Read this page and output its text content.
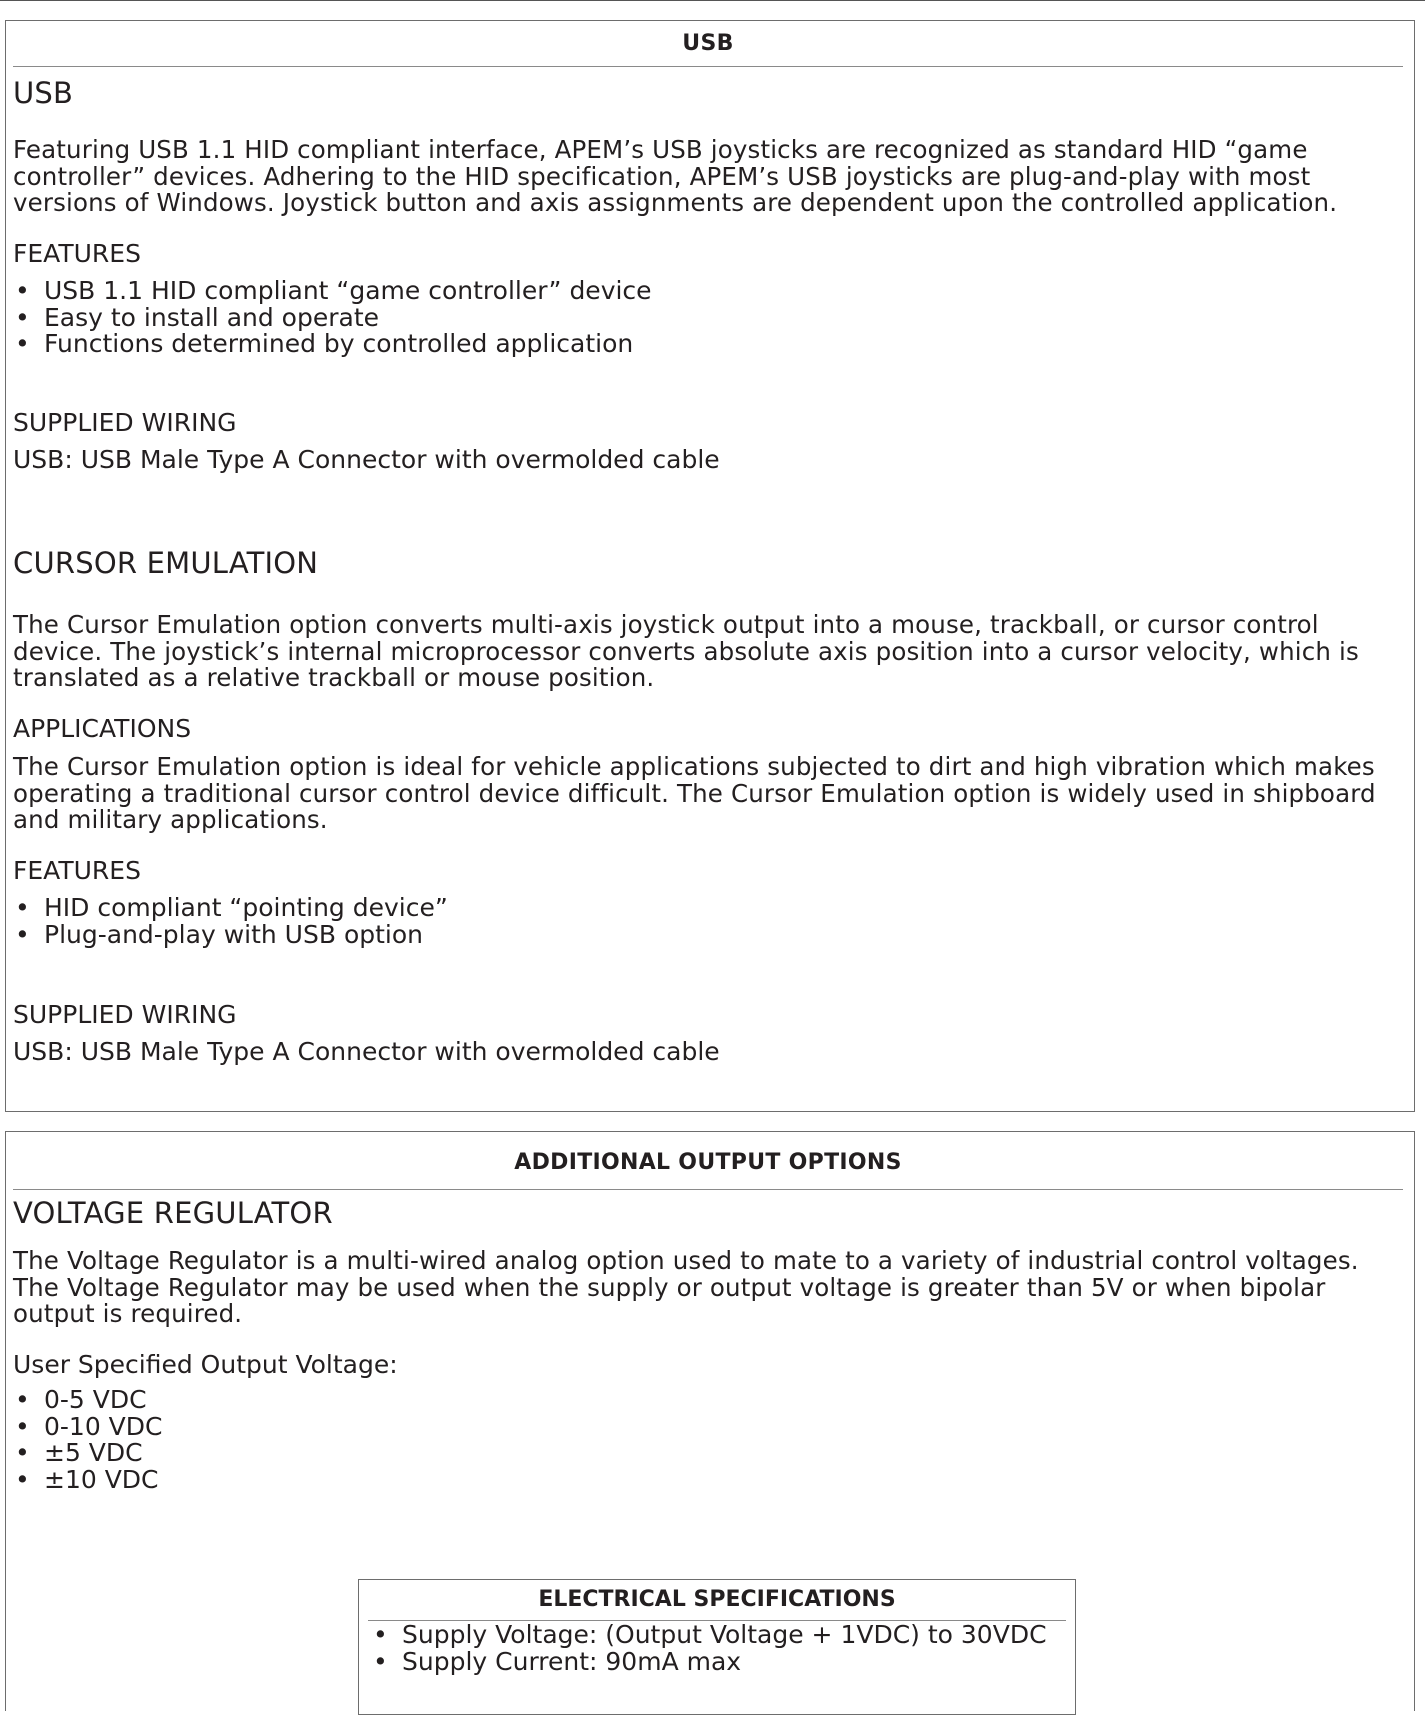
USB
USB
Featuring USB 1.1 HID compliant interface, APEM’s USB joysticks are recognized as standard HID “game controller” devices. Adhering to the HID specification, APEM’s USB joysticks are plug-and-play with most versions of Windows. Joystick button and axis assignments are dependent upon the controlled application.
FEATURES
• USB 1.1 HID compliant “game controller” device
• Easy to install and operate
• Functions determined by controlled application
SUPPLIED WIRING
USB: USB Male Type A Connector with overmolded cable
CURSOR EMULATION
The Cursor Emulation option converts multi-axis joystick output into a mouse, trackball, or cursor control device. The joystick’s internal microprocessor converts absolute axis position into a cursor velocity, which is translated as a relative trackball or mouse position.
APPLICATIONS
The Cursor Emulation option is ideal for vehicle applications subjected to dirt and high vibration which makes operating a traditional cursor control device difficult. The Cursor Emulation option is widely used in shipboard and military applications.
FEATURES
• HID compliant “pointing device”
• Plug-and-play with USB option
SUPPLIED WIRING
USB: USB Male Type A Connector with overmolded cable
ADDITIONAL OUTPUT OPTIONS
VOLTAGE REGULATOR
The Voltage Regulator is a multi-wired analog option used to mate to a variety of industrial control voltages. The Voltage Regulator may be used when the supply or output voltage is greater than 5V or when bipolar output is required.
User Specified Output Voltage:
• 0-5 VDC
• 0-10 VDC
• ±5 VDC
• ±10 VDC
ELECTRICAL SPECIFICATIONS
• Supply Voltage: (Output Voltage + 1VDC) to 30VDC
• Supply Current: 90mA max
